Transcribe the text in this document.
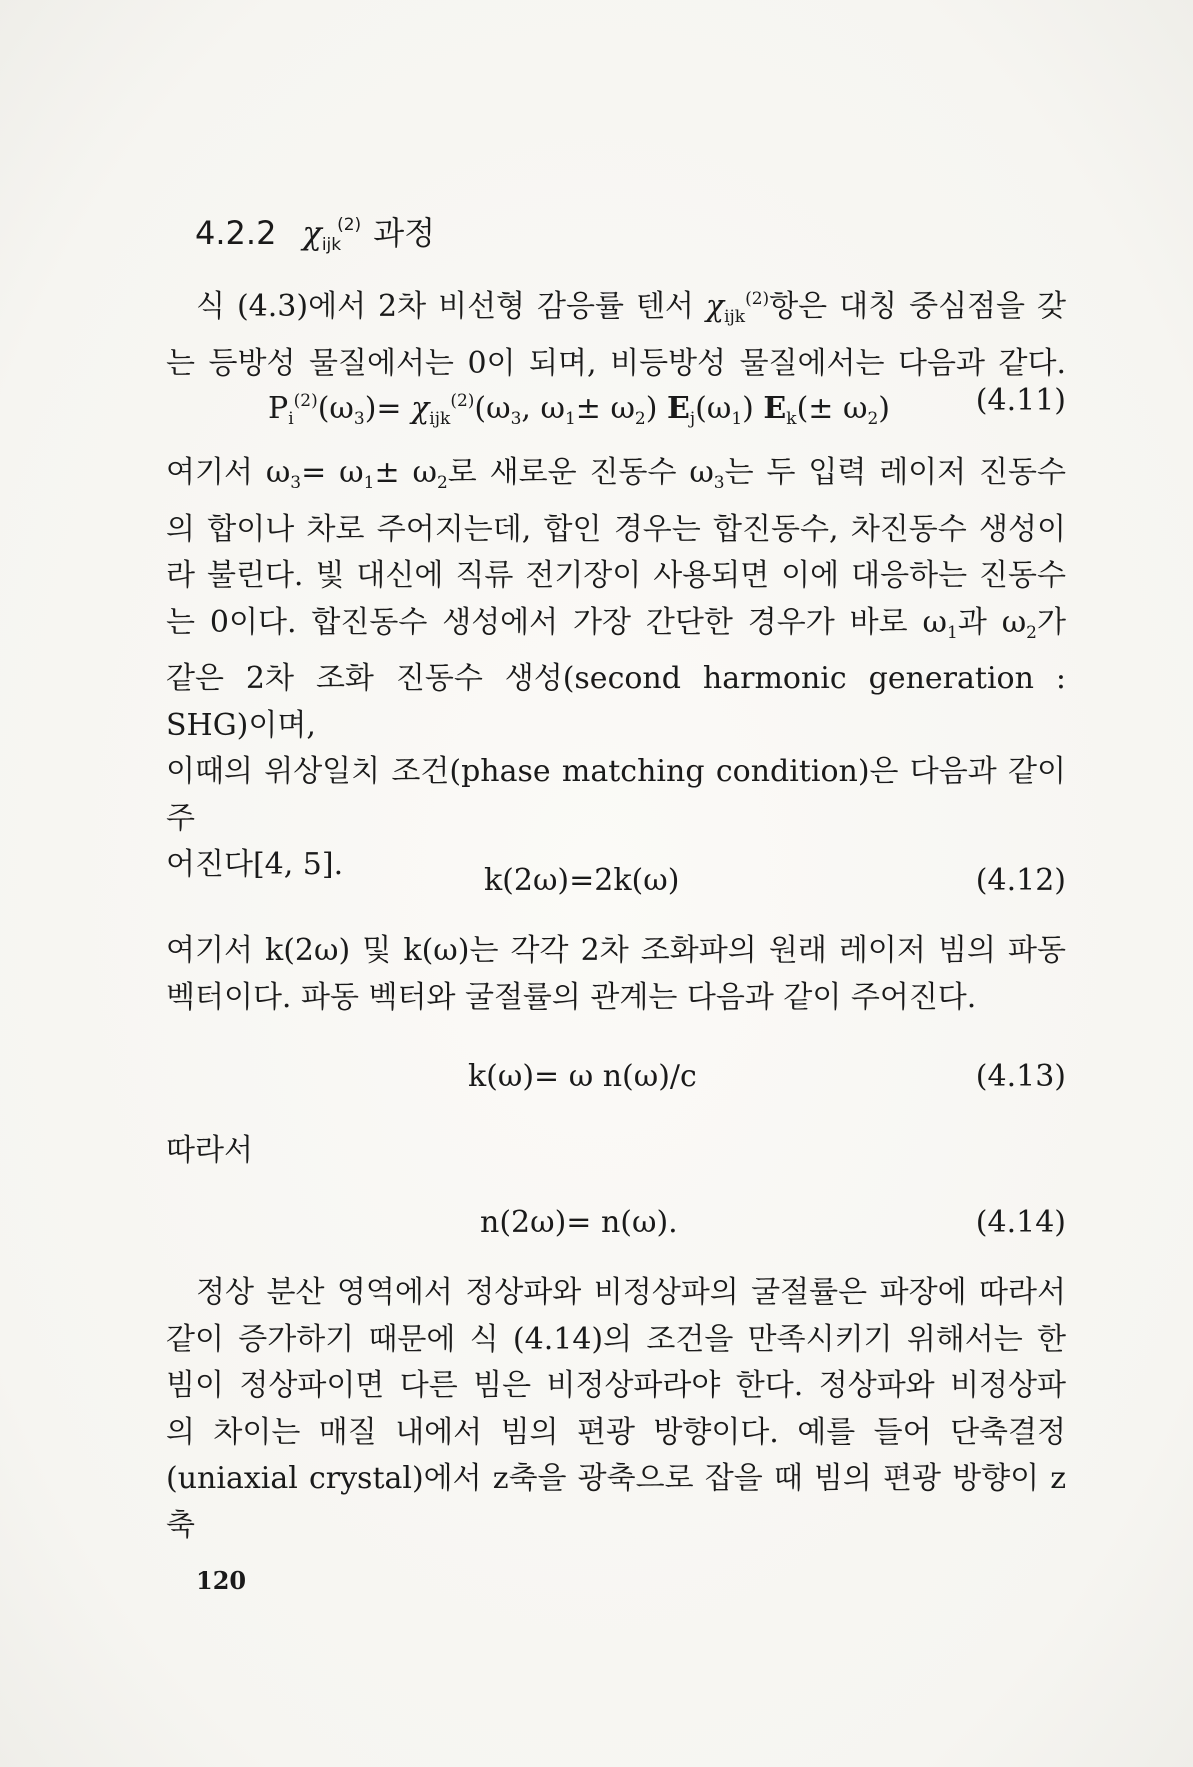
4.2.2 $\chi_{ijk}^{(2)}$ 과정
식 (4.3)에서 2차 비선형 감응률 텐서 $\chi_{ijk}^{(2)}$항은 대칭 중심점을 갖
는 등방성 물질에서는 0이 되며, 비등방성 물질에서는 다음과 같다.
$P_i^{(2)}(\omega_3)= \chi_{ijk}^{(2)}(\omega_3$, $\omega_1\pm \omega_2$) $E_j(\omega_1)$ $E_k(\pm \omega_2)$	(4.11)
여기서 $\omega_3= \omega_1\pm \omega_2$로 새로운 진동수 $\omega_3$는 두 입력 레이저 진동수
의 합이나 차로 주어지는데, 합인 경우는 합진동수, 차진동수 생성이
라 불린다. 빛 대신에 직류 전기장이 사용되면 이에 대응하는 진동수
는 0이다. 합진동수 생성에서 가장 간단한 경우가 바로 $\omega_1$과 $\omega_2$가
같은 2차 조화 진동수 생성(second harmonic generation : SHG)이며,
이때의 위상일치 조건(phase matching condition)은 다음과 같이 주
어진다[4, 5].	k(2ω)=2k(ω)	(4.12)
여기서 k(2ω) 및 k(ω)는 각각 2차 조화파의 원래 레이저 빔의 파동
벡터이다. 파동 벡터와 굴절률의 관계는 다음과 같이 주어진다.
k(ω)= ω n(ω)/c	(4.13)
따라서
n(2ω)= n(ω).	(4.14)
정상 분산 영역에서 정상파와 비정상파의 굴절률은 파장에 따라서
같이 증가하기 때문에 식 (4.14)의 조건을 만족시키기 위해서는 한
빔이 정상파이면 다른 빔은 비정상파라야 한다. 정상파와 비정상파
의 차이는 매질 내에서 빔의 편광 방향이다. 예를 들어 단축결정
(uniaxial crystal)에서 z축을 광축으로 잡을 때 빔의 편광 방향이 z축
120
